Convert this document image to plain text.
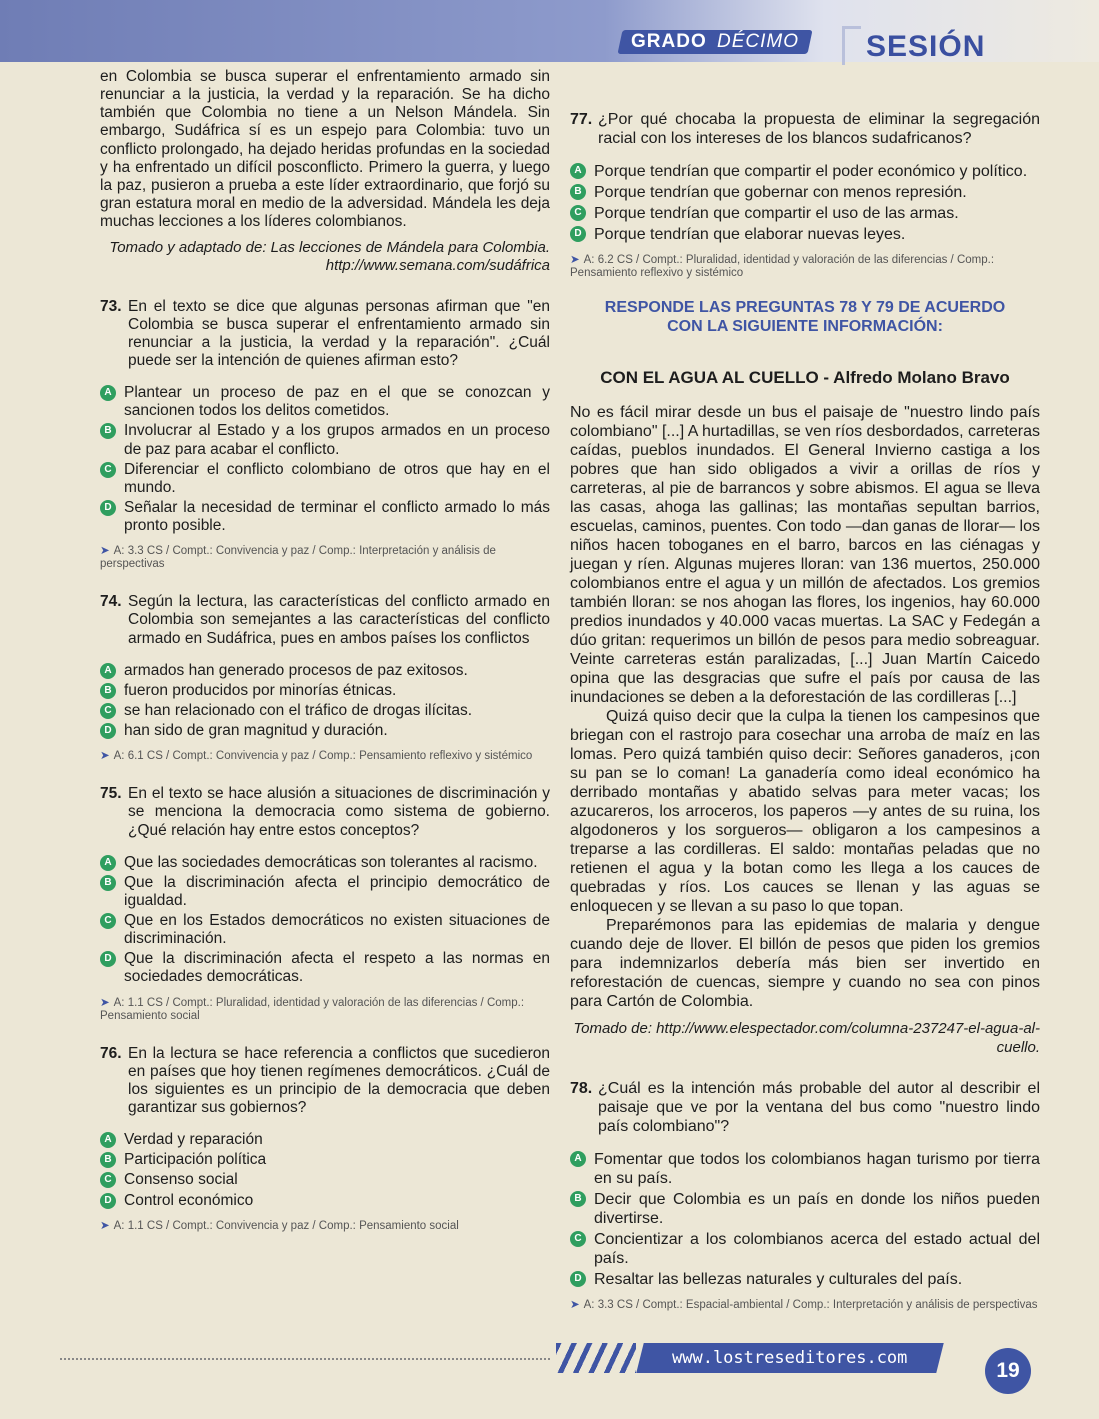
GRADO DÉCIMO	SESIÓN

en Colombia se busca superar el enfrentamiento armado sin renunciar a la justicia, la verdad y la reparación. Se ha dicho también que Colombia no tiene a un Nelson Mándela. Sin embargo, Sudáfrica sí es un espejo para Colombia: tuvo un conflicto prolongado, ha dejado heridas profundas en la sociedad y ha enfrentado un difícil posconflicto. Primero la guerra, y luego la paz, pusieron a prueba a este líder extraordinario, que forjó su gran estatura moral en medio de la adversidad. Mándela les deja muchas lecciones a los líderes colombianos.

Tomado y adaptado de: Las lecciones de Mándela para Colombia.
http://www.semana.com/sudáfrica

73. En el texto se dice que algunas personas afirman que "en Colombia se busca superar el enfrentamiento armado sin renunciar a la justicia, la verdad y la reparación". ¿Cuál puede ser la intención de quienes afirman esto?
A Plantear un proceso de paz en el que se conozcan y sancionen todos los delitos cometidos.
B Involucrar al Estado y a los grupos armados en un proceso de paz para acabar el conflicto.
C Diferenciar el conflicto colombiano de otros que hay en el mundo.
D Señalar la necesidad de terminar el conflicto armado lo más pronto posible.

➤ A: 3.3 CS / Compt.: Convivencia y paz / Comp.: Interpretación y análisis de perspectivas

74. Según la lectura, las características del conflicto armado en Colombia son semejantes a las características del conflicto armado en Sudáfrica, pues en ambos países los conflictos
A armados han generado procesos de paz exitosos.
B fueron producidos por minorías étnicas.
C se han relacionado con el tráfico de drogas ilícitas.
D han sido de gran magnitud y duración.

➤ A: 6.1 CS / Compt.: Convivencia y paz / Comp.: Pensamiento reflexivo y sistémico

75. En el texto se hace alusión a situaciones de discriminación y se menciona la democracia como sistema de gobierno. ¿Qué relación hay entre estos conceptos?
A Que las sociedades democráticas son tolerantes al racismo.
B Que la discriminación afecta el principio democrático de igualdad.
C Que en los Estados democráticos no existen situaciones de discriminación.
D Que la discriminación afecta el respeto a las normas en sociedades democráticas.

➤ A: 1.1 CS / Compt.: Pluralidad, identidad y valoración de las diferencias / Comp.: Pensamiento social

76. En la lectura se hace referencia a conflictos que sucedieron en países que hoy tienen regímenes democráticos. ¿Cuál de los siguientes es un principio de la democracia que deben garantizar sus gobiernos?
A Verdad y reparación
B Participación política
C Consenso social
D Control económico

➤ A: 1.1 CS / Compt.: Convivencia y paz / Comp.: Pensamiento social

77. ¿Por qué chocaba la propuesta de eliminar la segregación racial con los intereses de los blancos sudafricanos?
A Porque tendrían que compartir el poder económico y político.
B Porque tendrían que gobernar con menos represión.
C Porque tendrían que compartir el uso de las armas.
D Porque tendrían que elaborar nuevas leyes.

➤ A: 6.2 CS / Compt.: Pluralidad, identidad y valoración de las diferencias / Comp.: Pensamiento reflexivo y sistémico

RESPONDE LAS PREGUNTAS 78 Y 79 DE ACUERDO
CON LA SIGUIENTE INFORMACIÓN:

CON EL AGUA AL CUELLO - Alfredo Molano Bravo

No es fácil mirar desde un bus el paisaje de "nuestro lindo país colombiano" [...] A hurtadillas, se ven ríos desbordados, carreteras caídas, pueblos inundados. El General Invierno castiga a los pobres que han sido obligados a vivir a orillas de ríos y carreteras, al pie de barrancos y sobre abismos. El agua se lleva las casas, ahoga las gallinas; las montañas sepultan barrios, escuelas, caminos, puentes. Con todo —dan ganas de llorar— los niños hacen toboganes en el barro, barcos en las ciénagas y juegan y ríen. Algunas mujeres lloran: van 136 muertos, 250.000 colombianos entre el agua y un millón de afectados. Los gremios también lloran: se nos ahogan las flores, los ingenios, hay 60.000 predios inundados y 40.000 vacas muertas. La SAC y Fedegán a dúo gritan: requerimos un billón de pesos para medio sobreaguar. Veinte carreteras están paralizadas, [...] Juan Martín Caicedo opina que las desgracias que sufre el país por causa de las inundaciones se deben a la deforestación de las cordilleras [...]

Quizá quiso decir que la culpa la tienen los campesinos que briegan con el rastrojo para cosechar una arroba de maíz en las lomas. Pero quizá también quiso decir: Señores ganaderos, ¡con su pan se lo coman! La ganadería como ideal económico ha derribado montañas y abatido selvas para meter vacas; los azucareros, los arroceros, los paperos —y antes de su ruina, los algodoneros y los sorgueros— obligaron a los campesinos a treparse a las cordilleras. El saldo: montañas peladas que no retienen el agua y la botan como les llega a los cauces de quebradas y ríos. Los cauces se llenan y las aguas se enloquecen y se llevan a su paso lo que topan.

Preparémonos para las epidemias de malaria y dengue cuando deje de llover. El billón de pesos que piden los gremios para indemnizarlos debería más bien ser invertido en reforestación de cuencas, siempre y cuando no sea con pinos para Cartón de Colombia.

Tomado de: http://www.elespectador.com/columna-237247-el-agua-al-cuello.

78. ¿Cuál es la intención más probable del autor al describir el paisaje que ve por la ventana del bus como "nuestro lindo país colombiano"?
A Fomentar que todos los colombianos hagan turismo por tierra en su país.
B Decir que Colombia es un país en donde los niños pueden divertirse.
C Concientizar a los colombianos acerca del estado actual del país.
D Resaltar las bellezas naturales y culturales del país.

➤ A: 3.3 CS / Compt.: Espacial-ambiental / Comp.: Interpretación y análisis de perspectivas

www.lostreseditores.com
19
